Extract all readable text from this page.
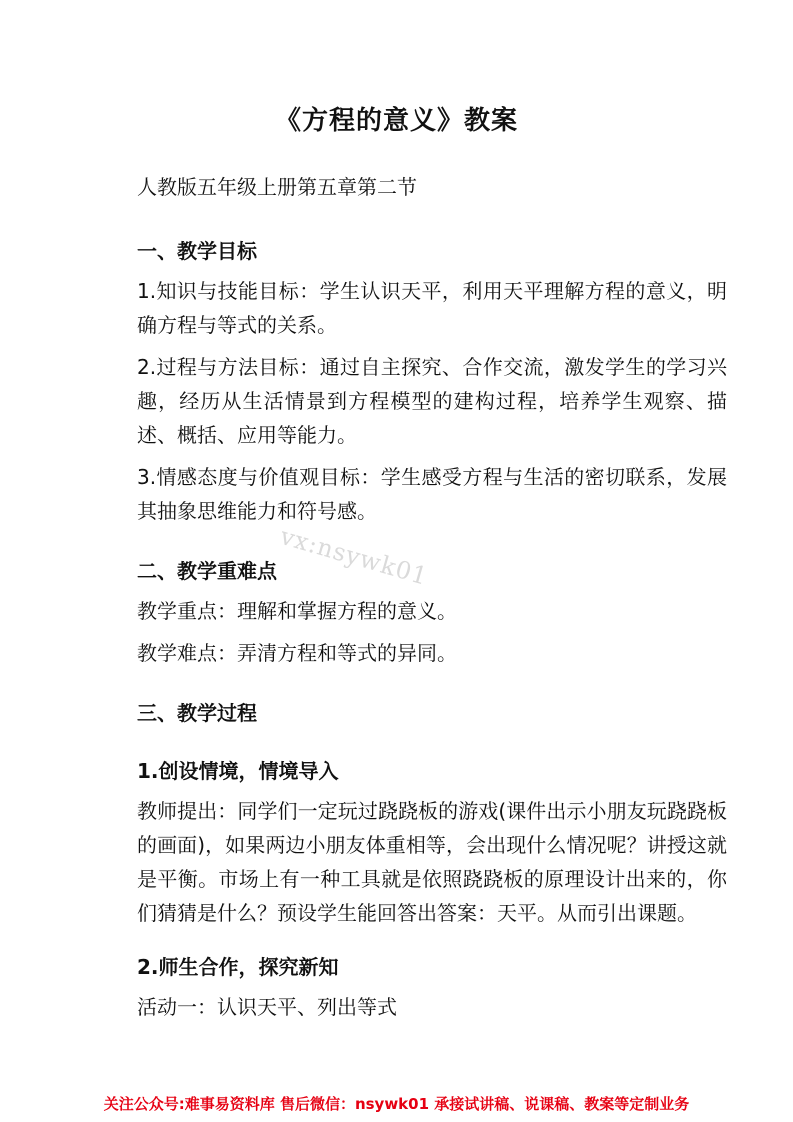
《方程的意义》教案
人教版五年级上册第五章第二节
一、教学目标
1.知识与技能目标：学生认识天平，利用天平理解方程的意义，明确方程与等式的关系。
2.过程与方法目标：通过自主探究、合作交流，激发学生的学习兴趣，经历从生活情景到方程模型的建构过程，培养学生观察、描述、概括、应用等能力。
3.情感态度与价值观目标：学生感受方程与生活的密切联系，发展其抽象思维能力和符号感。
二、教学重难点
教学重点：理解和掌握方程的意义。
教学难点：弄清方程和等式的异同。
三、教学过程
1.创设情境，情境导入
教师提出：同学们一定玩过跷跷板的游戏(课件出示小朋友玩跷跷板的画面)，如果两边小朋友体重相等，会出现什么情况呢？讲授这就是平衡。市场上有一种工具就是依照跷跷板的原理设计出来的，你们猜猜是什么？预设学生能回答出答案：天平。从而引出课题。
2.师生合作，探究新知
活动一：认识天平、列出等式
vx:nsywk01
关注公众号:难事易资料库 售后微信：nsywk01 承接试讲稿、说课稿、教案等定制业务
